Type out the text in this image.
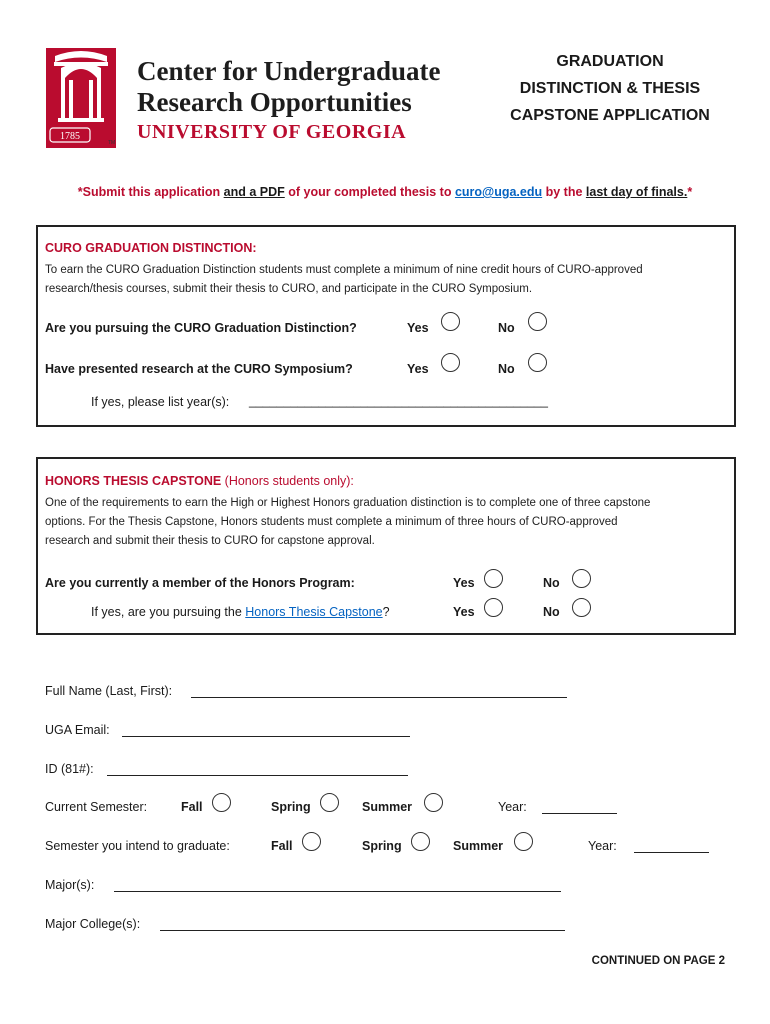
1785
Center for Undergraduate
Research Opportunities
UNIVERSITY OF GEORGIA
TM
GRADUATION
DISTINCTION & THESIS
CAPSTONE APPLICATION
*Submit this application and a PDF of your completed thesis to curo@uga.edu by the last day of finals.*
CURO GRADUATION DISTINCTION:
To earn the CURO Graduation Distinction students must complete a minimum of nine credit hours of CURO-approved
research/thesis courses, submit their thesis to CURO, and participate in the CURO Symposium.
Are you pursuing the CURO Graduation Distinction?	Yes	No
Have presented research at the CURO Symposium?	Yes	No
If yes, please list year(s): ___________________________________________
HONORS THESIS CAPSTONE (Honors students only):
One of the requirements to earn the High or Highest Honors graduation distinction is to complete one of three capstone
options. For the Thesis Capstone, Honors students must complete a minimum of three hours of CURO-approved
research and submit their thesis to CURO for capstone approval.
Are you currently a member of the Honors Program:	Yes	No
If yes, are you pursuing the Honors Thesis Capstone?	Yes	No
Full Name (Last, First):
UGA Email:
ID (81#):
Current Semester:	Fall	Spring	Summer	Year:
Semester you intend to graduate:	Fall	Spring	Summer	Year:
Major(s):
Major College(s):
CONTINUED ON PAGE 2
